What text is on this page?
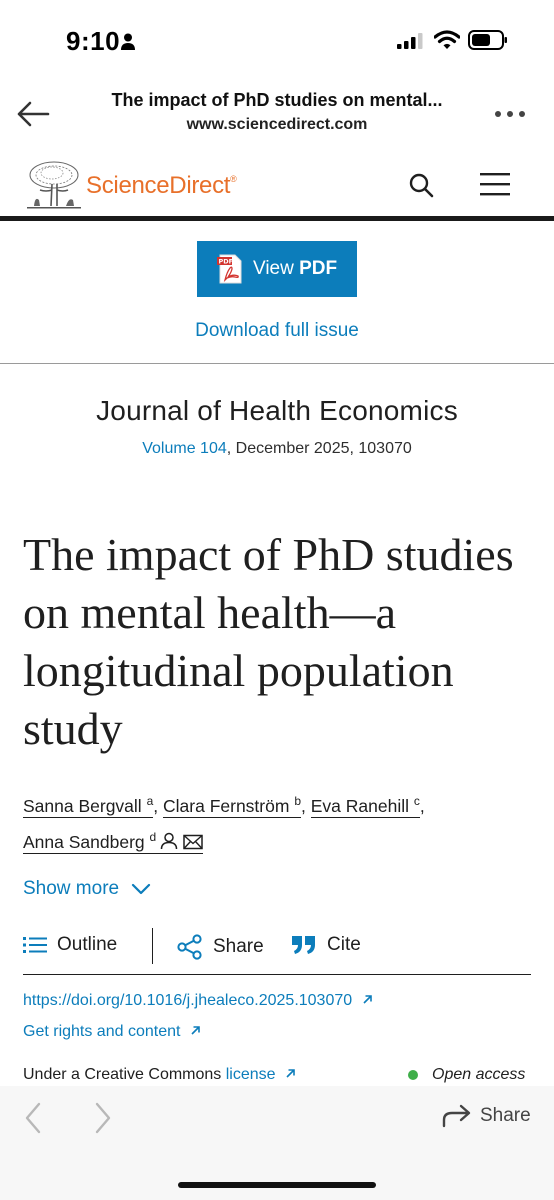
9:10
The impact of PhD studies on mental...
www.sciencedirect.com
ScienceDirect®
PDF View PDF
Download full issue
Journal of Health Economics
Volume 104, December 2025, 103070
The impact of PhD studies on mental health—a longitudinal population study
Sanna Bergvall $^a$, Clara Fernström $^b$, Eva Ranehill $^c$,
Anna Sandberg $^d$
Show more
Outline	Share	Cite
https://doi.org/10.1016/j.jhealeco.2025.103070
Get rights and content
Under a Creative Commons license	Open access
Share
